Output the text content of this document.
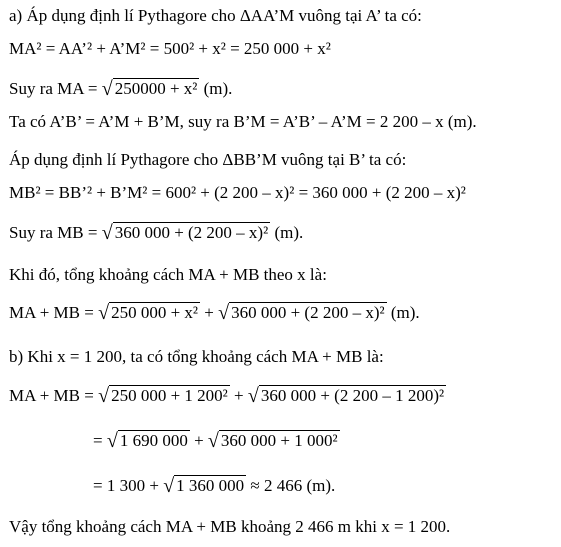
a) Áp dụng định lí Pythagore cho ΔAA’M vuông tại A’ ta có:
MA² = AA’² + A’M² = 500² + x² = 250 000 + x²
Suy ra MA = √ 250000 + x² (m).
Ta có A’B’ = A’M + B’M, suy ra B’M = A’B’ – A’M = 2 200 – x (m).
Áp dụng định lí Pythagore cho ΔBB’M vuông tại B’ ta có:
MB² = BB’² + B’M² = 600² + (2 200 – x)² = 360 000 + (2 200 – x)²
Suy ra MB = √ 360 000 + (2 200 – x)² (m).
Khi đó, tổng khoảng cách MA + MB theo x là:
MA + MB = √ 250 000 + x² + √ 360 000 + (2 200 – x)² (m).
b) Khi x = 1 200, ta có tổng khoảng cách MA + MB là:
MA + MB = √ 250 000 + 1 200² + √ 360 000 + (2 200 – 1 200)²
= √ 1 690 000 + √ 360 000 + 1 000²
= 1 300 + √ 1 360 000 ≈ 2 466 (m).
Vậy tổng khoảng cách MA + MB khoảng 2 466 m khi x = 1 200.
